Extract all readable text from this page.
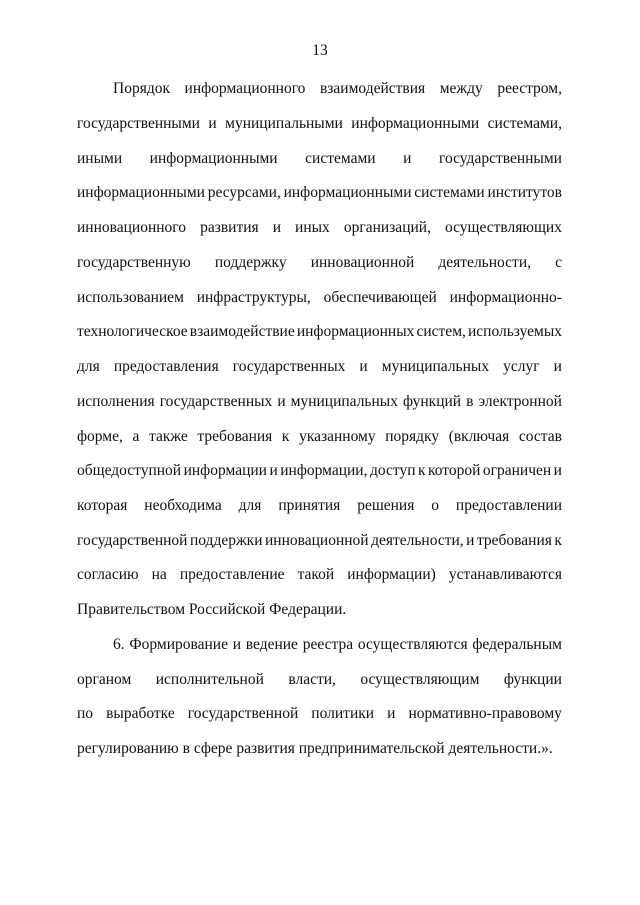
13
Порядок информационного взаимодействия между реестром,
государственными и муниципальными информационными системами,
иными информационными системами и государственными
информационными ресурсами, информационными системами институтов
инновационного развития и иных организаций, осуществляющих
государственную поддержку инновационной деятельности, с
использованием инфраструктуры, обеспечивающей информационно-
технологическое взаимодействие информационных систем, используемых
для предоставления государственных и муниципальных услуг и
исполнения государственных и муниципальных функций в электронной
форме, а также требования к указанному порядку (включая состав
общедоступной информации и информации, доступ к которой ограничен и
которая необходима для принятия решения о предоставлении
государственной поддержки инновационной деятельности, и требования к
согласию на предоставление такой информации) устанавливаются
Правительством Российской Федерации.
6. Формирование и ведение реестра осуществляются федеральным
органом исполнительной власти, осуществляющим функции
по выработке государственной политики и нормативно-правовому
регулированию в сфере развития предпринимательской деятельности.».
